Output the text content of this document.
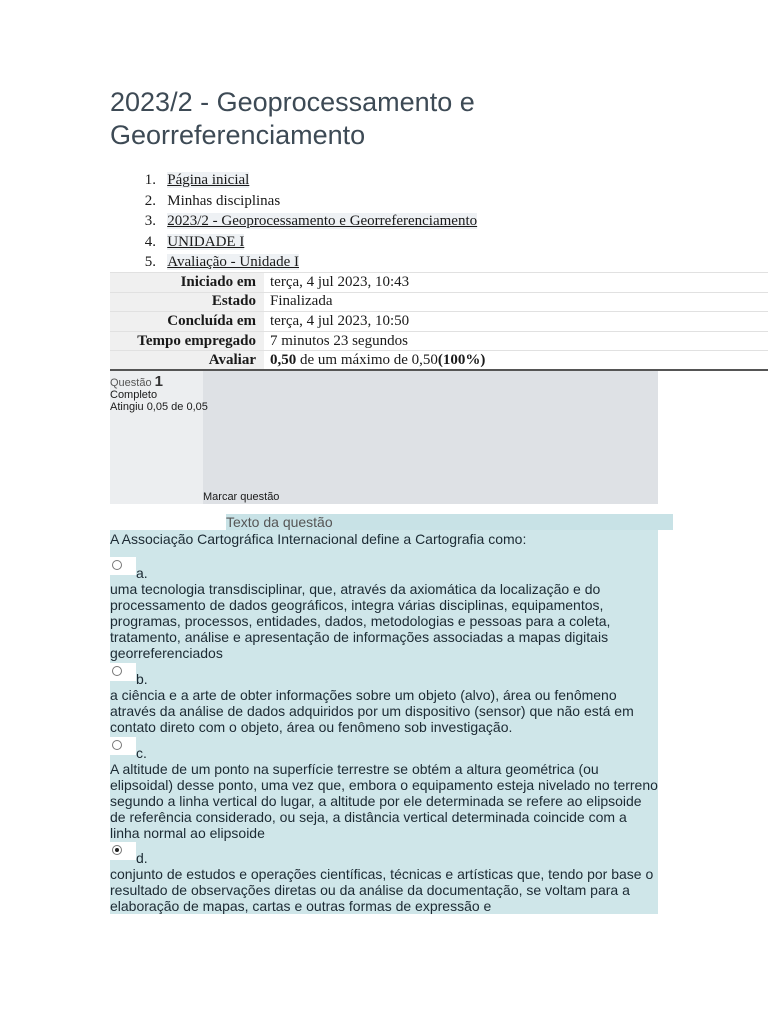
2023/2 - Geoprocessamento e Georreferenciamento
1. Página inicial
2. Minhas disciplinas
3. 2023/2 - Geoprocessamento e Georreferenciamento
4. UNIDADE I
5. Avaliação - Unidade I
Iniciado em	terça, 4 jul 2023, 10:43
Estado	Finalizada
Concluída em	terça, 4 jul 2023, 10:50
Tempo empregado	7 minutos 23 segundos
Avaliar	0,50 de um máximo de 0,50(100%)
Questão 1
Completo
Atingiu 0,05 de 0,05
Marcar questão
Texto da questão
A Associação Cartográfica Internacional define a Cartografia como:
a.
uma tecnologia transdisciplinar, que, através da axiomática da localização e do processamento de dados geográficos, integra várias disciplinas, equipamentos, programas, processos, entidades, dados, metodologias e pessoas para a coleta, tratamento, análise e apresentação de informações associadas a mapas digitais georreferenciados
b.
a ciência e a arte de obter informações sobre um objeto (alvo), área ou fenômeno através da análise de dados adquiridos por um dispositivo (sensor) que não está em contato direto com o objeto, área ou fenômeno sob investigação.
c.
A altitude de um ponto na superfície terrestre se obtém a altura geométrica (ou elipsoidal) desse ponto, uma vez que, embora o equipamento esteja nivelado no terreno segundo a linha vertical do lugar, a altitude por ele determinada se refere ao elipsoide de referência considerado, ou seja, a distância vertical determinada coincide com a linha normal ao elipsoide
d.
conjunto de estudos e operações científicas, técnicas e artísticas que, tendo por base o resultado de observações diretas ou da análise da documentação, se voltam para a elaboração de mapas, cartas e outras formas de expressão e
